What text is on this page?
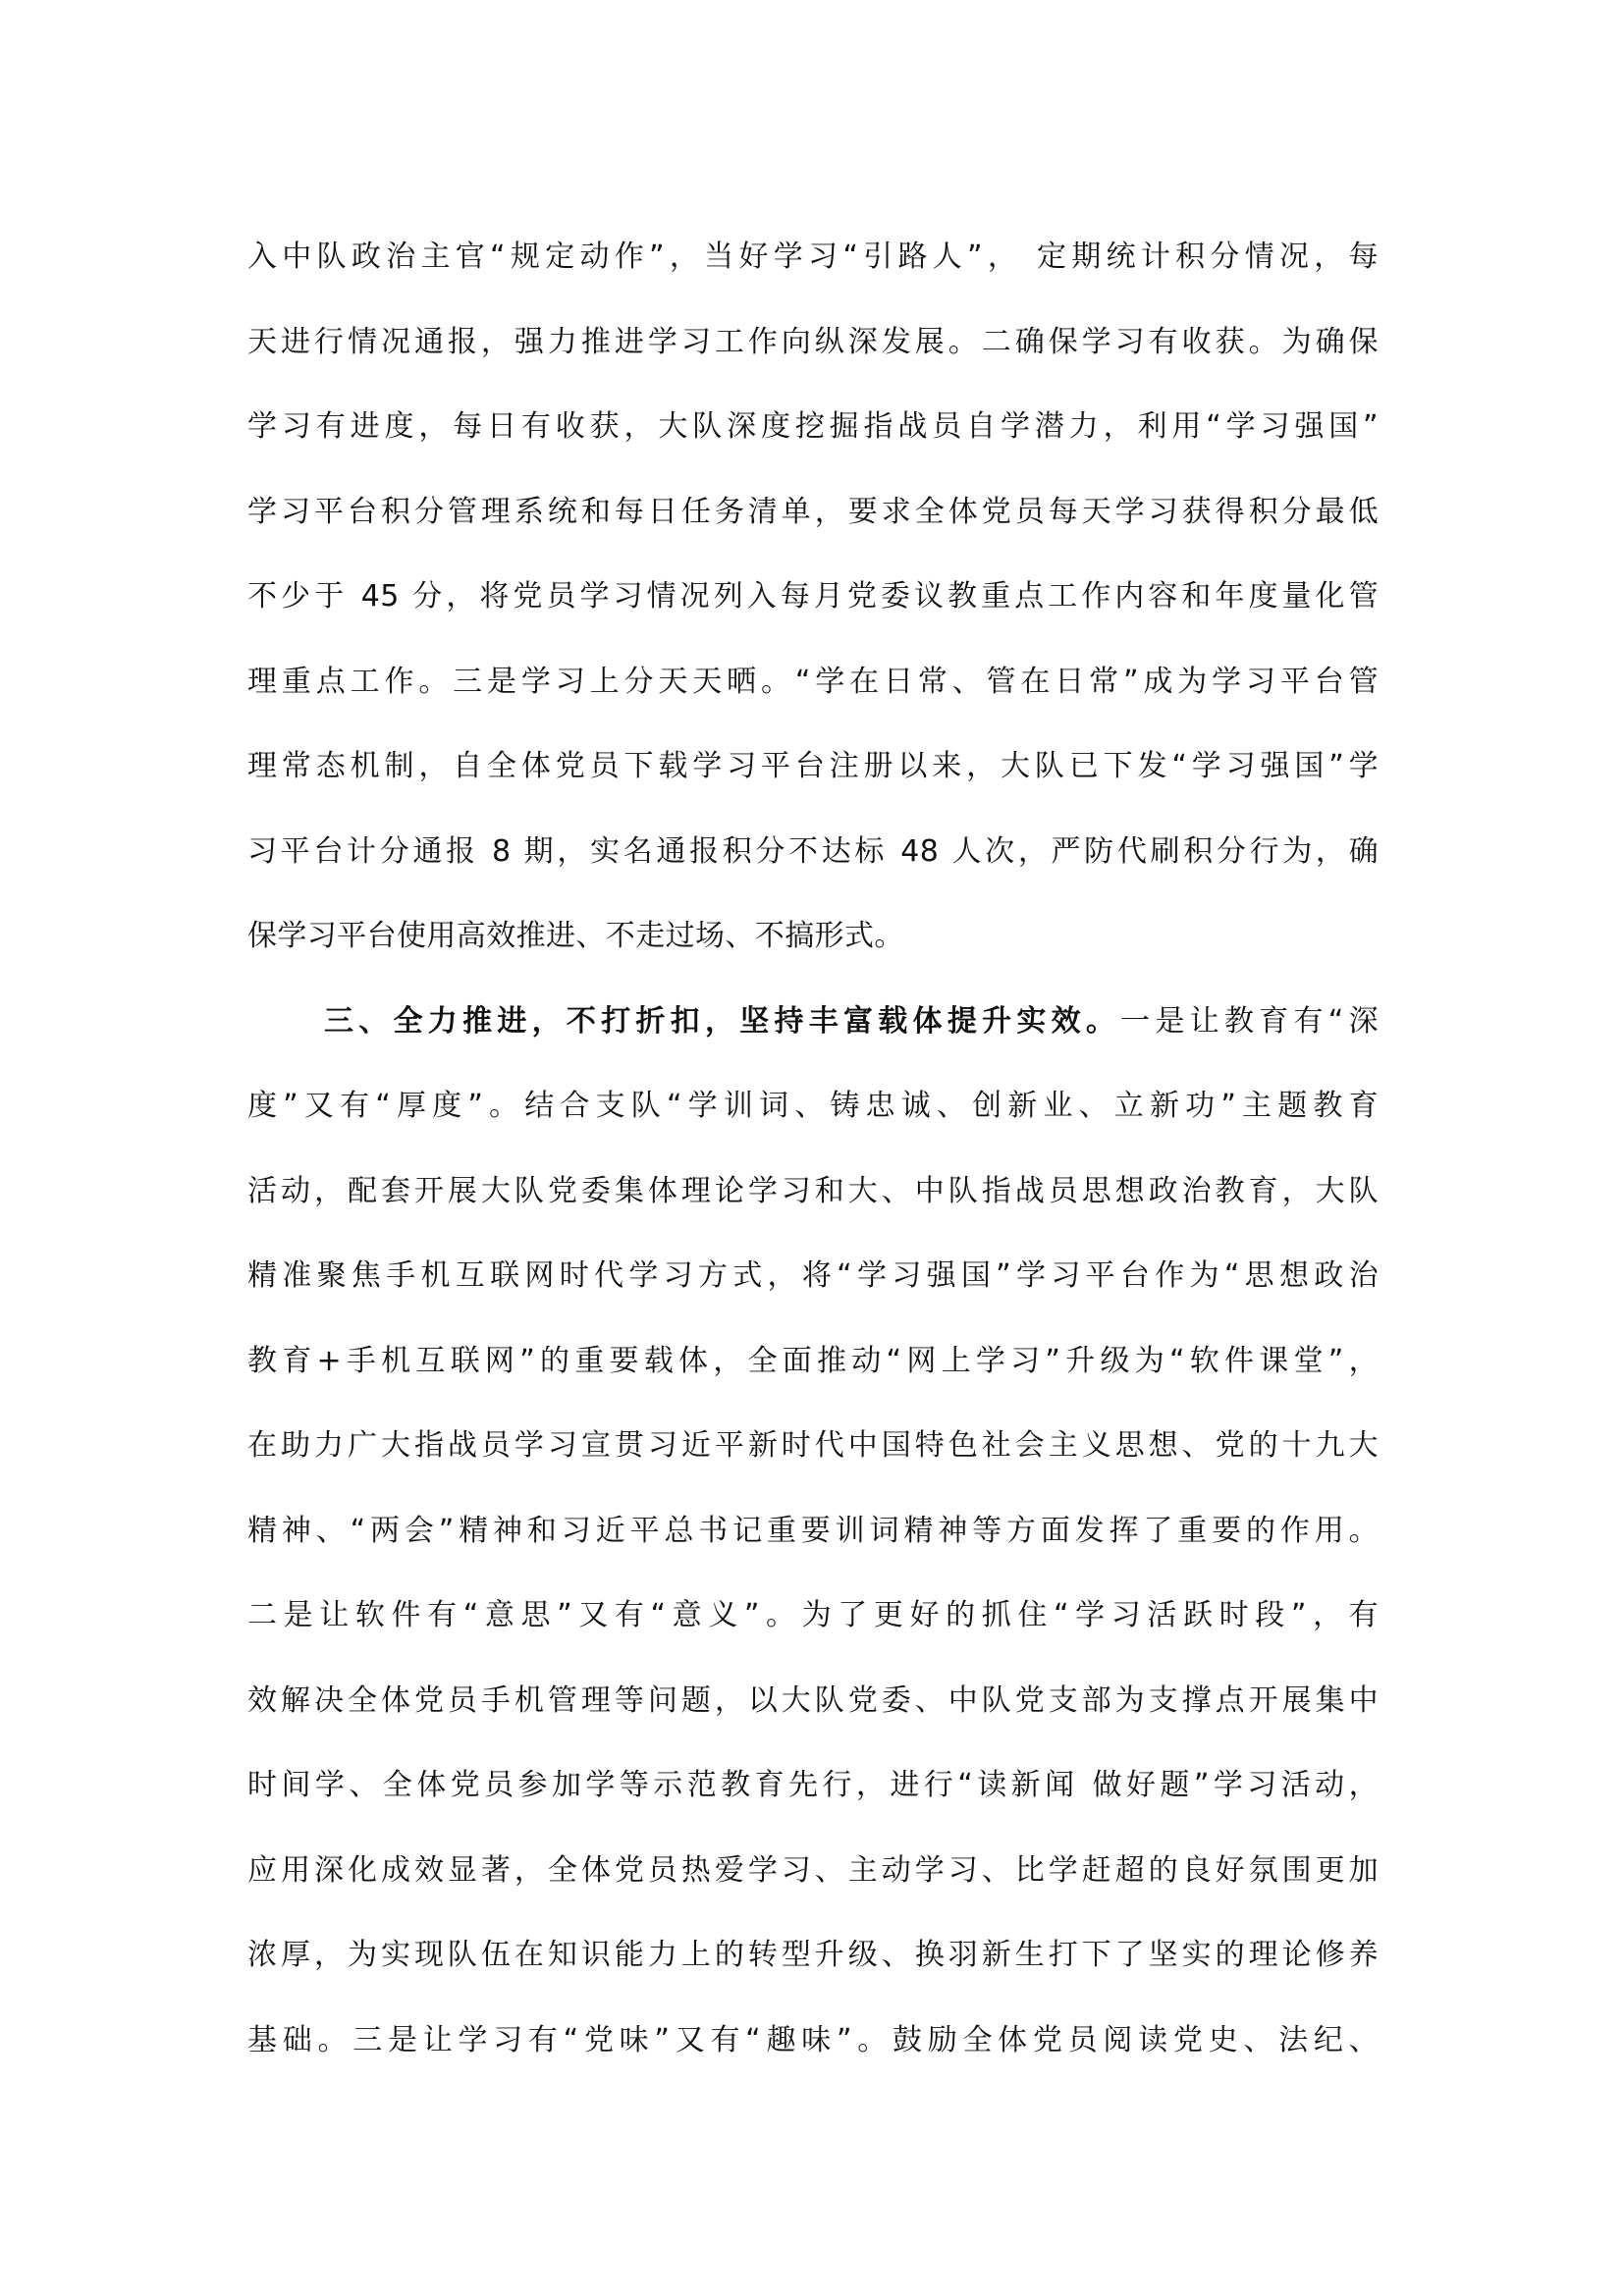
入中队政治主官“规定动作”，当好学习“引路人”， 定期统计积分情况，每
天进行情况通报，强力推进学习工作向纵深发展。二确保学习有收获。为确保
学习有进度，每日有收获，大队深度挖掘指战员自学潜力，利用“学习强国”
学习平台积分管理系统和每日任务清单，要求全体党员每天学习获得积分最低
不少于 45 分，将党员学习情况列入每月党委议教重点工作内容和年度量化管
理重点工作。三是学习上分天天晒。“学在日常、管在日常”成为学习平台管
理常态机制，自全体党员下载学习平台注册以来，大队已下发“学习强国”学
习平台计分通报 8 期，实名通报积分不达标 48 人次，严防代刷积分行为，确
保学习平台使用高效推进、不走过场、不搞形式。
三、全力推进，不打折扣，坚持丰富载体提升实效。一是让教育有“深
度”又有“厚度”。结合支队“学训词、铸忠诚、创新业、立新功”主题教育
活动，配套开展大队党委集体理论学习和大、中队指战员思想政治教育，大队
精准聚焦手机互联网时代学习方式，将“学习强国”学习平台作为“思想政治
教育+手机互联网”的重要载体，全面推动“网上学习”升级为“软件课堂”，
在助力广大指战员学习宣贯习近平新时代中国特色社会主义思想、党的十九大
精神、“两会”精神和习近平总书记重要训词精神等方面发挥了重要的作用。
二是让软件有“意思”又有“意义”。为了更好的抓住“学习活跃时段”，有
效解决全体党员手机管理等问题，以大队党委、中队党支部为支撑点开展集中
时间学、全体党员参加学等示范教育先行，进行“读新闻 做好题”学习活动，
应用深化成效显著，全体党员热爱学习、主动学习、比学赶超的良好氛围更加
浓厚，为实现队伍在知识能力上的转型升级、换羽新生打下了坚实的理论修养
基础。三是让学习有“党味”又有“趣味”。鼓励全体党员阅读党史、法纪、
